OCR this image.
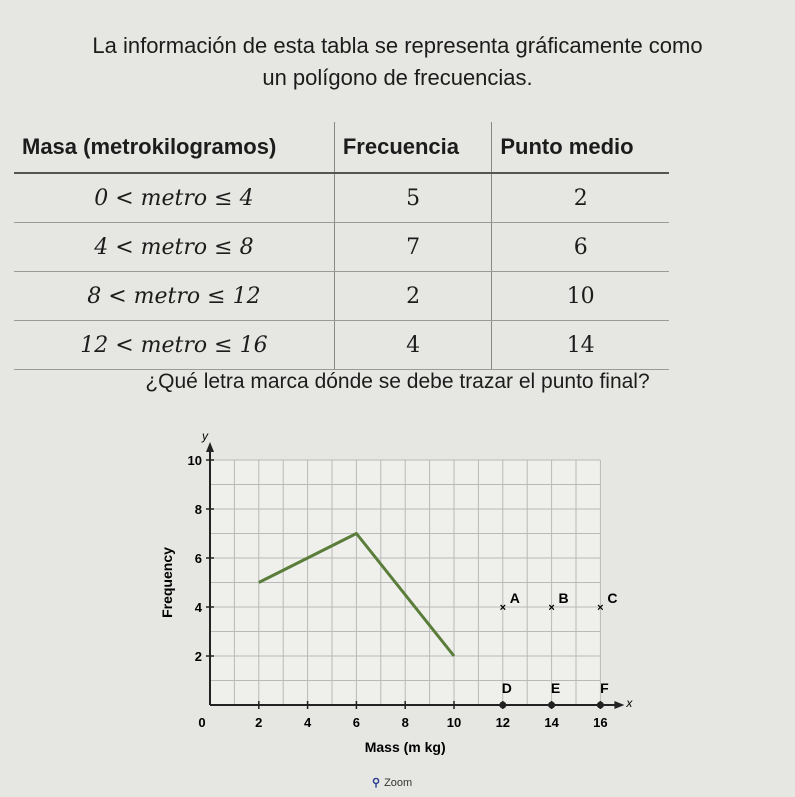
La información de esta tabla se representa gráficamente como
un polígono de frecuencias.
Masa (metrokilogramos)	Frecuencia	Punto medio
0 < metro ≤ 4	5	2
4 < metro ≤ 8	7	6
8 < metro ≤ 12	2	10
12 < metro ≤ 16	4	14
¿Qué letra marca dónde se debe trazar el punto final?
x
y
0	2	4	6	8	10	12	14	16
2
4
6
8
10
Mass (m kg)
Frequency	×
A
×
B
×
C
D	E	F
⚲ Zoom
